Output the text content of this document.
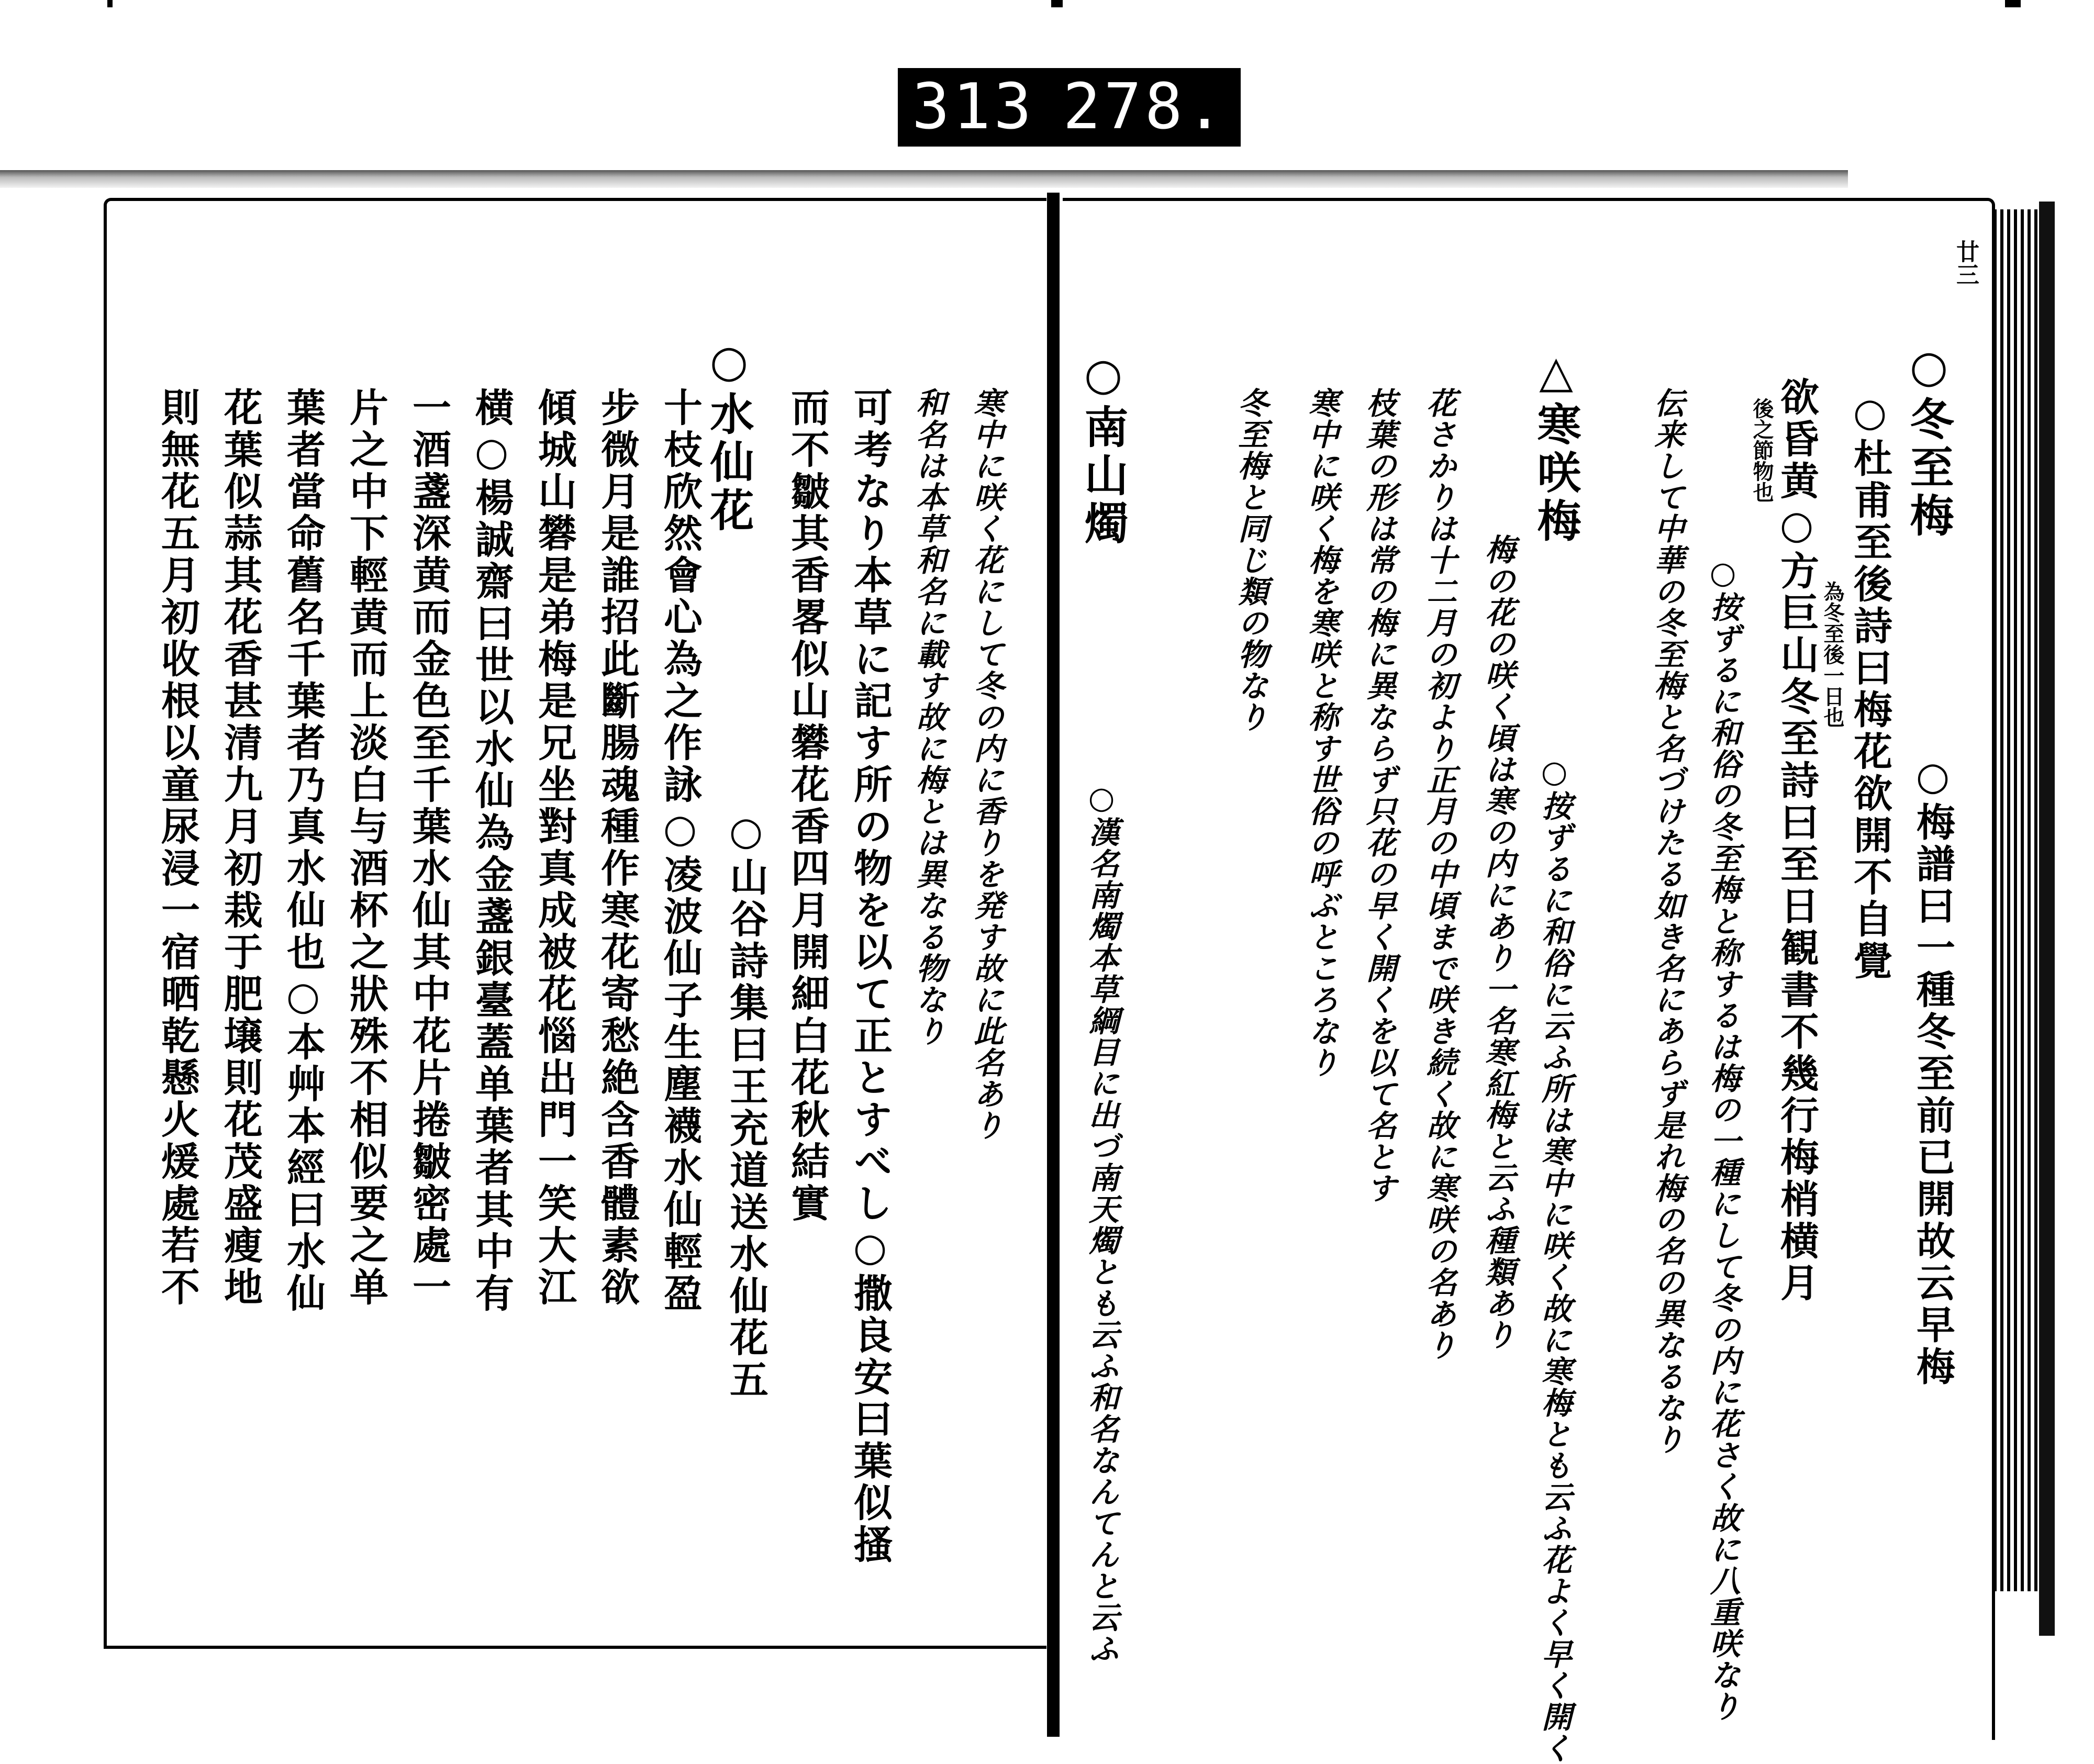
313 278.
廿三
○冬至梅
○梅譜曰一種冬至前已開故云早梅
○杜甫至後詩曰梅花欲開不自覺
為冬至後一日也
欲昏黄○方巨山冬至詩曰至日観書不幾行梅梢横月
後之節物也
○按ずるに和俗の冬至梅と称するは梅の一種にして冬の内に花さく故に八重咲なり
伝来して中華の冬至梅と名づけたる如き名にあらず是れ梅の名の異なるなり
△寒咲梅
○按ずるに和俗に云ふ所は寒中に咲く故に寒梅とも云ふ花よく早く開く
梅の花の咲く頃は寒の内にあり一名寒紅梅と云ふ種類あり
花さかりは十二月の初より正月の中頃まで咲き続く故に寒咲の名あり
枝葉の形は常の梅に異ならず只花の早く開くを以て名とす
寒中に咲く梅を寒咲と称す世俗の呼ぶところなり
冬至梅と同じ類の物なり
○南山燭
○漢名南燭本草綱目に出づ南天燭とも云ふ和名なんてんと云ふ
寒中に咲く花にして冬の内に香りを発す故に此名あり
和名は本草和名に載す故に梅とは異なる物なり
可考なり本草に記す所の物を以て正とすべし○撒良安曰葉似搔
而不皺其香畧似山礬花香四月開細白花秋結實
○水仙花
○山谷詩集曰王充道送水仙花五
十枝欣然會心為之作詠○凌波仙子生塵襪水仙輕盈
步微月是誰招此斷腸魂種作寒花寄愁絶含香體素欲
傾城山礬是弟梅是兄坐對真成被花惱出門一笑大江
横○楊誠齋曰世以水仙為金盞銀臺蓋单葉者其中有
一酒盞深黄而金色至千葉水仙其中花片捲皺密處一
片之中下輕黄而上淡白与酒杯之狀殊不相似要之单
葉者當命舊名千葉者乃真水仙也○本艸本經曰水仙
花葉似蒜其花香甚清九月初栽于肥壌則花茂盛瘦地
則無花五月初收根以童尿浸一宿晒乾懸火煖處若不
